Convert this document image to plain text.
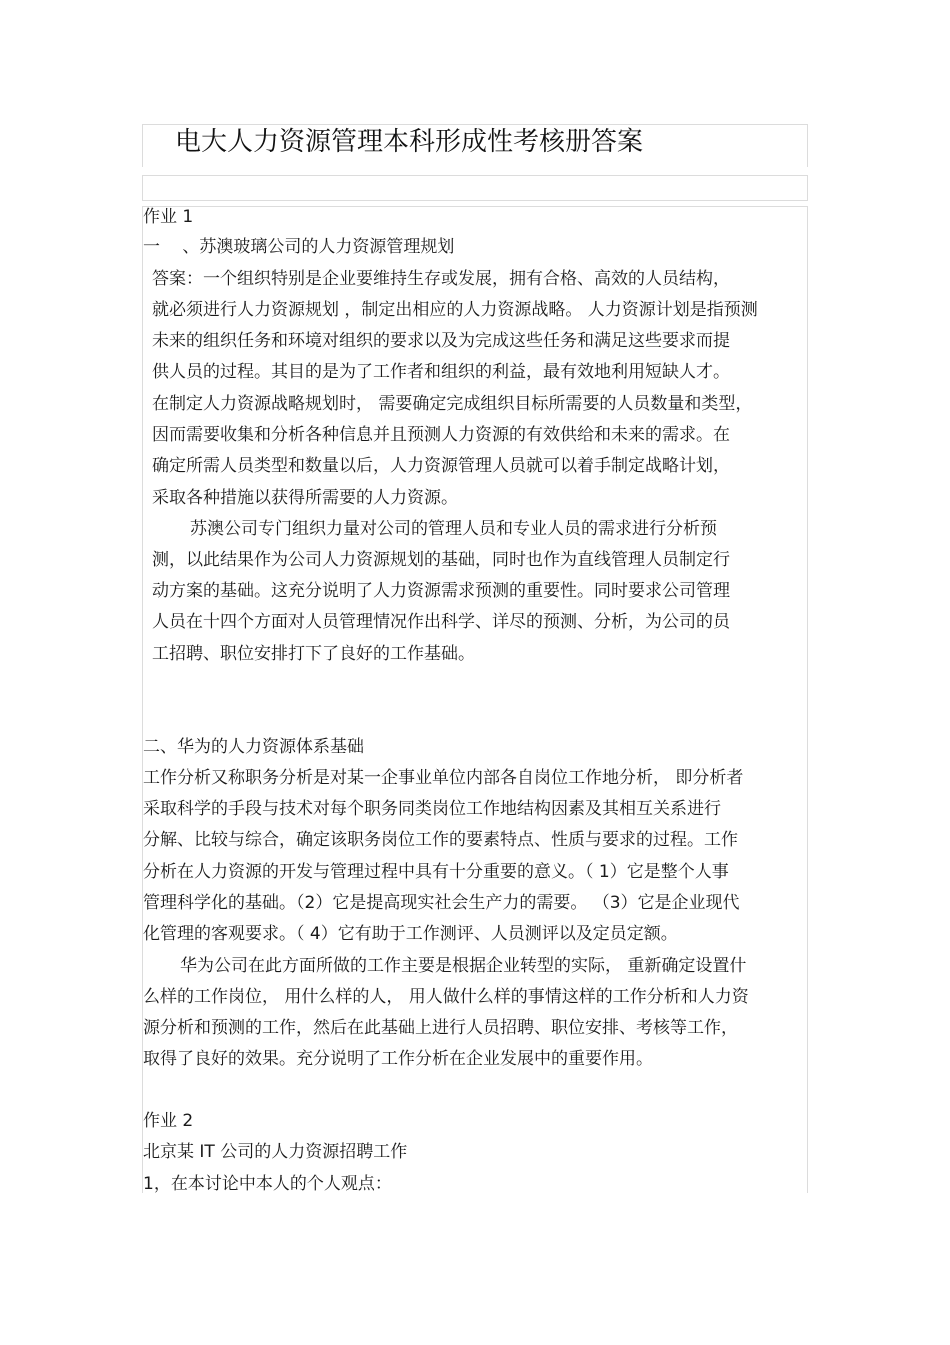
电大人力资源管理本科形成性考核册答案
作业 1
一　 、苏澳玻璃公司的人力资源管理规划
答案：一个组织特别是企业要维持生存或发展，拥有合格、高效的人员结构，
就必须进行人力资源规划 ，制定出相应的人力资源战略。 人力资源计划是指预测
未来的组织任务和环境对组织的要求以及为完成这些任务和满足这些要求而提
供人员的过程。其目的是为了工作者和组织的利益，最有效地利用短缺人才。
在制定人力资源战略规划时， 需要确定完成组织目标所需要的人员数量和类型，
因而需要收集和分析各种信息并且预测人力资源的有效供给和未来的需求。在
确定所需人员类型和数量以后，人力资源管理人员就可以着手制定战略计划，
采取各种措施以获得所需要的人力资源。
苏澳公司专门组织力量对公司的管理人员和专业人员的需求进行分析预
测，以此结果作为公司人力资源规划的基础，同时也作为直线管理人员制定行
动方案的基础。这充分说明了人力资源需求预测的重要性。同时要求公司管理
人员在十四个方面对人员管理情况作出科学、详尽的预测、分析，为公司的员
工招聘、职位安排打下了良好的工作基础。
二、华为的人力资源体系基础
工作分析又称职务分析是对某一企事业单位内部各自岗位工作地分析， 即分析者
采取科学的手段与技术对每个职务同类岗位工作地结构因素及其相互关系进行
分解、比较与综合，确定该职务岗位工作的要素特点、性质与要求的过程。工作
分析在人力资源的开发与管理过程中具有十分重要的意义。（ 1）它是整个人事
管理科学化的基础。（2）它是提高现实社会生产力的需要。 （3）它是企业现代
化管理的客观要求。（ 4）它有助于工作测评、人员测评以及定员定额。
华为公司在此方面所做的工作主要是根据企业转型的实际， 重新确定设置什
么样的工作岗位， 用什么样的人， 用人做什么样的事情这样的工作分析和人力资
源分析和预测的工作，然后在此基础上进行人员招聘、职位安排、考核等工作，
取得了良好的效果。充分说明了工作分析在企业发展中的重要作用。
作业 2
北京某 IT 公司的人力资源招聘工作
1，在本讨论中本人的个人观点：
